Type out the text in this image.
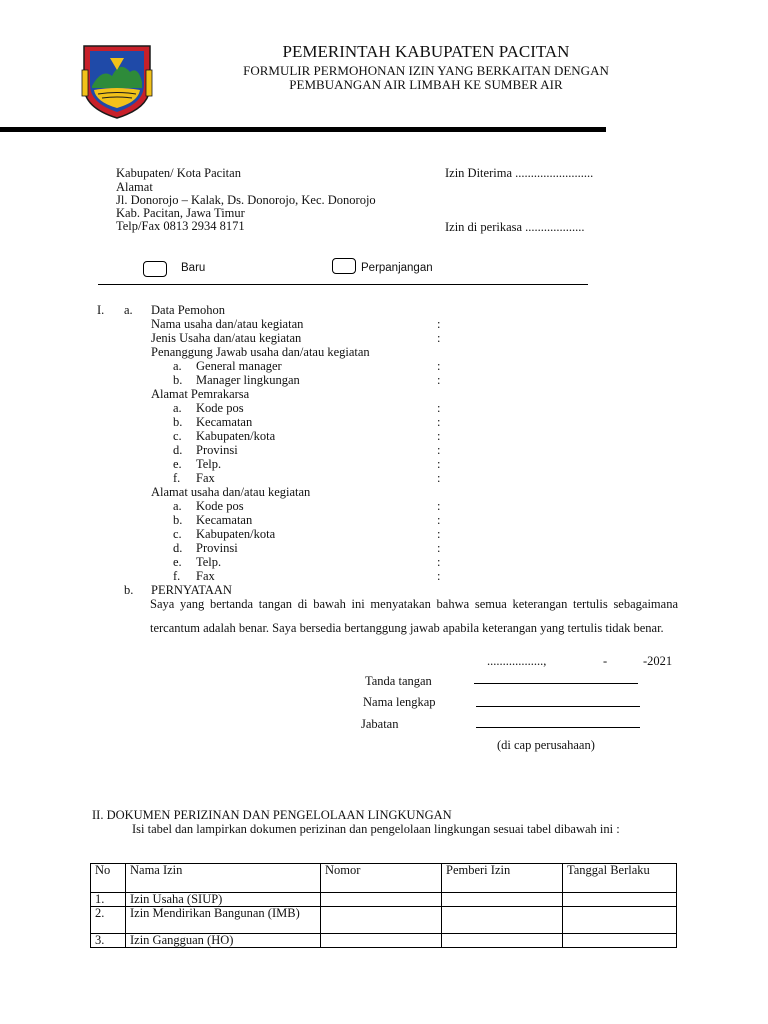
PEMERINTAH KABUPATEN PACITAN
FORMULIR PERMOHONAN IZIN YANG BERKAITAN DENGAN
PEMBUANGAN AIR LIMBAH KE SUMBER AIR
Kabupaten/ Kota Pacitan
Alamat
Jl. Donorojo – Kalak, Ds. Donorojo, Kec. Donorojo
Kab. Pacitan, Jawa Timur
Telp/Fax 0813 2934 8171
Izin Diterima .........................
Izin di perikasa ...................
Baru	Perpanjangan
I. a. Data Pemohon
Nama usaha dan/atau kegiatan	:
Jenis Usaha dan/atau kegiatan	:
Penanggung Jawab usaha dan/atau kegiatan
a. General manager	:
b. Manager lingkungan	:
Alamat Pemrakarsa
a. Kode pos	:
b. Kecamatan	:
c. Kabupaten/kota	:
d. Provinsi	:
e. Telp.	:
f. Fax	:
Alamat usaha dan/atau kegiatan
a. Kode pos	:
b. Kecamatan	:
c. Kabupaten/kota	:
d. Provinsi	:
e. Telp.	:
f. Fax	:
b. PERNYATAAN
Saya yang bertanda tangan di bawah ini menyatakan bahwa semua keterangan tertulis sebagaimana tercantum adalah benar. Saya bersedia bertanggung jawab apabila keterangan yang tertulis tidak benar.
..................,	-	-2021
Tanda tangan
Nama lengkap
Jabatan
(di cap perusahaan)
II. DOKUMEN PERIZINAN DAN PENGELOLAAN LINGKUNGAN
Isi tabel dan lampirkan dokumen perizinan dan pengelolaan lingkungan sesuai tabel dibawah ini :
No	Nama Izin	Nomor	Pemberi Izin	Tanggal Berlaku
1.	Izin Usaha (SIUP)			
2.	Izin Mendirikan Bangunan (IMB)			
3.	Izin Gangguan (HO)			
